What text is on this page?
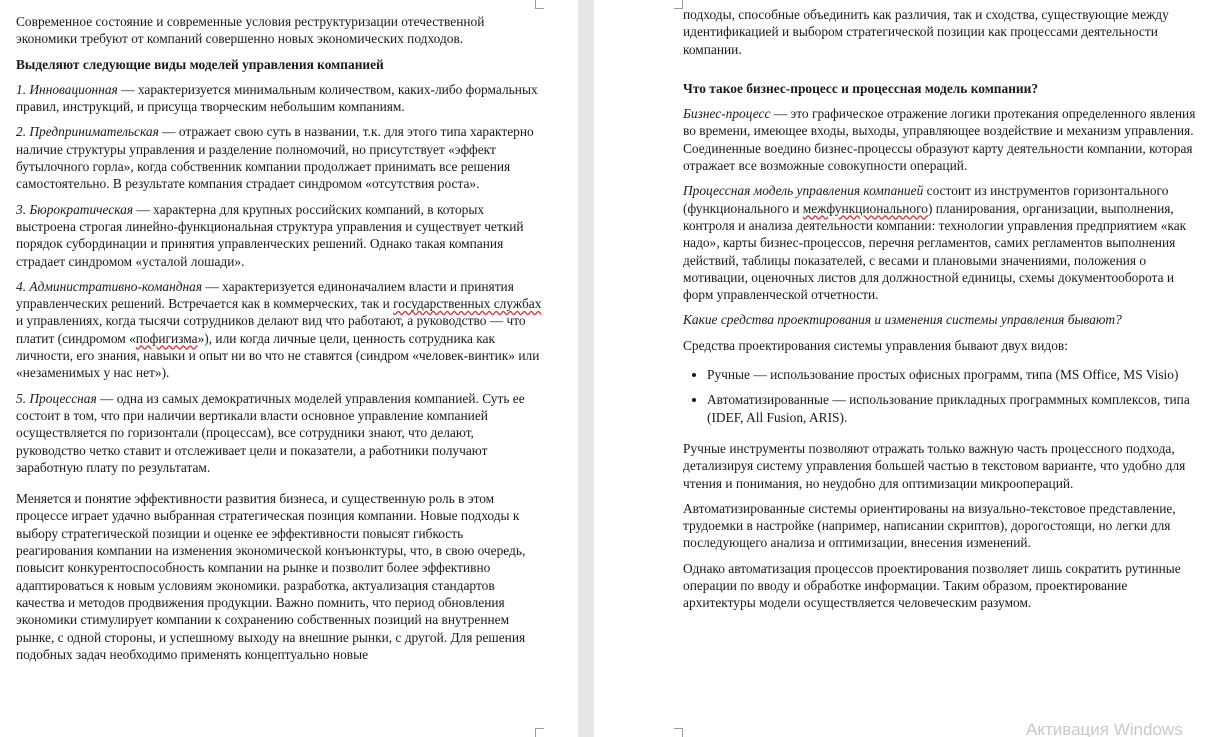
Современное состояние и современные условия реструктуризации отечественной экономики требуют от компаний совершенно новых экономических подходов.

Выделяют следующие виды моделей управления компанией

1. Инновационная — характеризуется минимальным количеством, каких-либо формальных правил, инструкций, и присуща творческим небольшим компаниям.

2. Предпринимательская — отражает свою суть в названии, т.к. для этого типа характерно наличие структуры управления и разделение полномочий, но присутствует «эффект бутылочного горла», когда собственник компании продолжает принимать все решения самостоятельно. В результате компания страдает синдромом «отсутствия роста».

3. Бюрократическая — характерна для крупных российских компаний, в которых выстроена строгая линейно-функциональная структура управления и существует четкий порядок субординации и принятия управленческих решений. Однако такая компания страдает синдромом «усталой лошади».

4. Административно-командная — характеризуется единоначалием власти и принятия управленческих решений. Встречается как в коммерческих, так и государственных службах и управлениях, когда тысячи сотрудников делают вид что работают, а руководство — что платит (синдромом «пофигизма»), или когда личные цели, ценность сотрудника как личности, его знания, навыки и опыт ни во что не ставятся (синдром «человек-винтик» или «незаменимых у нас нет»).

5. Процессная — одна из самых демократичных моделей управления компанией. Суть ее состоит в том, что при наличии вертикали власти основное управление компанией осуществляется по горизонтали (процессам), все сотрудники знают, что делают, руководство четко ставит и отслеживает цели и показатели, а работники получают заработную плату по результатам.

Меняется и понятие эффективности развития бизнеса, и существенную роль в этом процессе играет удачно выбранная стратегическая позиция компании. Новые подходы к выбору стратегической позиции и оценке ее эффективности повысят гибкость реагирования компании на изменения экономической конъюнктуры, что, в свою очередь, повысит конкурентоспособность компании на рынке и позволит более эффективно адаптироваться к новым условиям экономики. разработка, актуализация стандартов качества и методов продвижения продукции. Важно помнить, что период обновления экономики стимулирует компании к сохранению собственных позиций на внутреннем рынке, с одной стороны, и успешному выходу на внешние рынки, с другой. Для решения подобных задач необходимо применять концептуально новые

подходы, способные объединить как различия, так и сходства, существующие между идентификацией и выбором стратегической позиции как процессами деятельности компании.

Что такое бизнес-процесс и процессная модель компании?

Бизнес-процесс — это графическое отражение логики протекания определенного явления во времени, имеющее входы, выходы, управляющее воздействие и механизм управления. Соединенные воедино бизнес-процессы образуют карту деятельности компании, которая отражает все возможные совокупности операций.

Процессная модель управления компанией состоит из инструментов горизонтального (функционального и межфункционального) планирования, организации, выполнения, контроля и анализа деятельности компании: технологии управления предприятием «как надо», карты бизнес-процессов, перечня регламентов, самих регламентов выполнения действий, таблицы показателей, с весами и плановыми значениями, положения о мотивации, оценочных листов для должностной единицы, схемы документооборота и форм управленческой отчетности.

Какие средства проектирования и изменения системы управления бывают?

Средства проектирования системы управления бывают двух видов:

• Ручные — использование простых офисных программ, типа (MS Office, MS Visio)
• Автоматизированные — использование прикладных программных комплексов, типа (IDEF, All Fusion, ARIS).

Ручные инструменты позволяют отражать только важную часть процессного подхода, детализируя систему управления большей частью в текстовом варианте, что удобно для чтения и понимания, но неудобно для оптимизации микроопераций.

Автоматизированные системы ориентированы на визуально-текстовое представление, трудоемки в настройке (например, написании скриптов), дорогостоящи, но легки для последующего анализа и оптимизации, внесения изменений.

Однако автоматизация процессов проектирования позволяет лишь сократить рутинные операции по вводу и обработке информации. Таким образом, проектирование архитектуры модели осуществляется человеческим разумом.

Активация Windows
